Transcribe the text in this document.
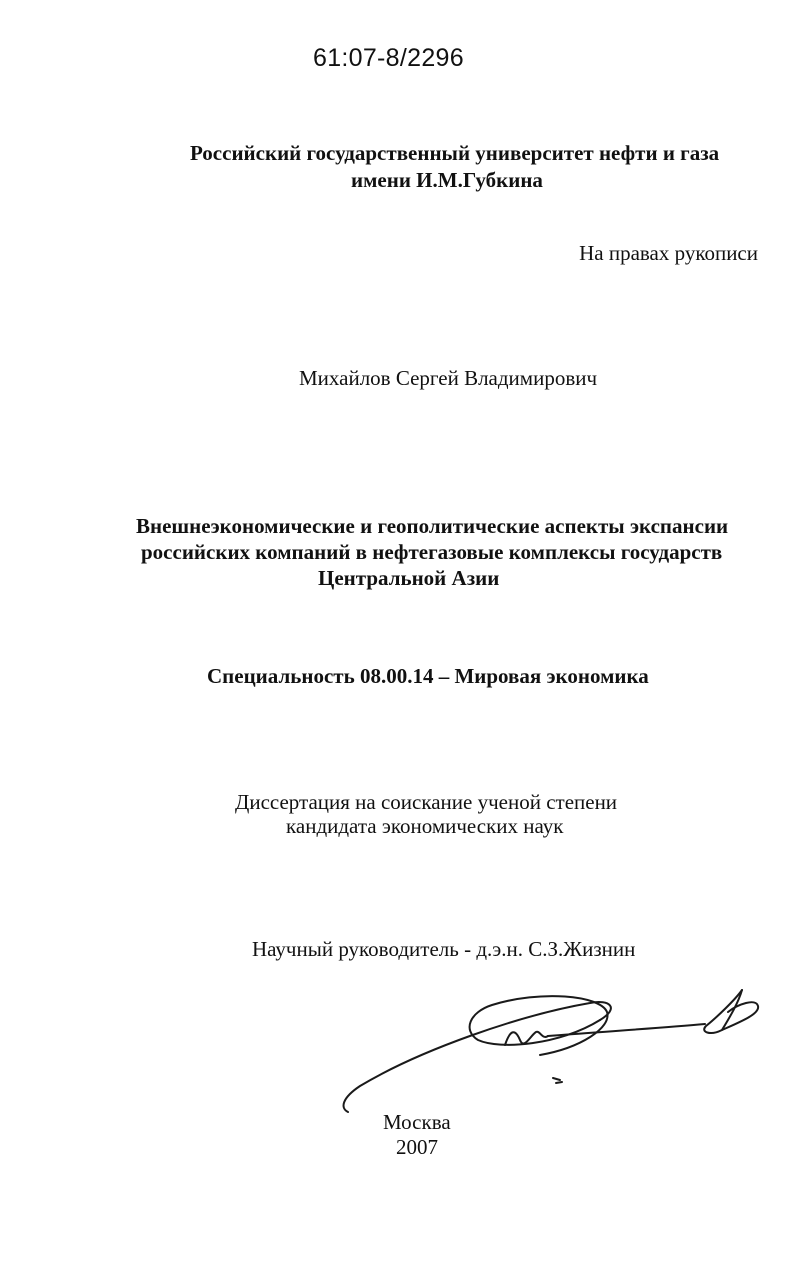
61:07-8/2296
Российский государственный университет нефти и газа
имени И.М.Губкина
На правах рукописи
Михайлов Сергей Владимирович
Внешнеэкономические и геополитические аспекты экспансии
российских компаний в нефтегазовые комплексы государств
Центральной Азии
Специальность 08.00.14 – Мировая экономика
Диссертация на соискание ученой степени
кандидата экономических наук
Научный руководитель - д.э.н. С.З.Жизнин
Москва
2007
